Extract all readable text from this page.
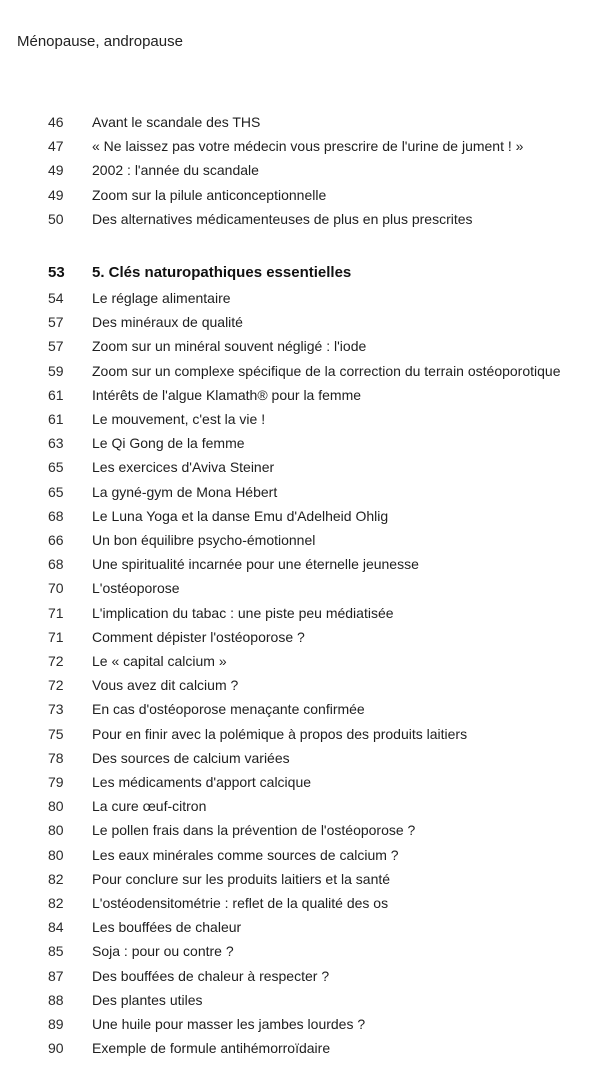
Ménopause, andropause
46	Avant le scandale des THS
47	« Ne laissez pas votre médecin vous prescrire de l'urine de jument ! »
49	2002 : l'année du scandale
49	Zoom sur la pilule anticonceptionnelle
50	Des alternatives médicamenteuses de plus en plus prescrites
53	5. Clés naturopathiques essentielles
54	Le réglage alimentaire
57	Des minéraux de qualité
57	Zoom sur un minéral souvent négligé : l'iode
59	Zoom sur un complexe spécifique de la correction du terrain ostéoporotique
61	Intérêts de l'algue Klamath® pour la femme
61	Le mouvement, c'est la vie !
63	Le Qi Gong de la femme
65	Les exercices d'Aviva Steiner
65	La gyné-gym de Mona Hébert
68	Le Luna Yoga et la danse Emu d'Adelheid Ohlig
66	Un bon équilibre psycho-émotionnel
68	Une spiritualité incarnée pour une éternelle jeunesse
70	L'ostéoporose
71	L'implication du tabac : une piste peu médiatisée
71	Comment dépister l'ostéoporose ?
72	Le « capital calcium »
72	Vous avez dit calcium ?
73	En cas d'ostéoporose menaçante confirmée
75	Pour en finir avec la polémique à propos des produits laitiers
78	Des sources de calcium variées
79	Les médicaments d'apport calcique
80	La cure œuf-citron
80	Le pollen frais dans la prévention de l'ostéoporose ?
80	Les eaux minérales comme sources de calcium ?
82	Pour conclure sur les produits laitiers et la santé
82	L'ostéodensitométrie : reflet de la qualité des os
84	Les bouffées de chaleur
85	Soja : pour ou contre ?
87	Des bouffées de chaleur à respecter ?
88	Des plantes utiles
89	Une huile pour masser les jambes lourdes ?
90	Exemple de formule antihémorroïdaire
